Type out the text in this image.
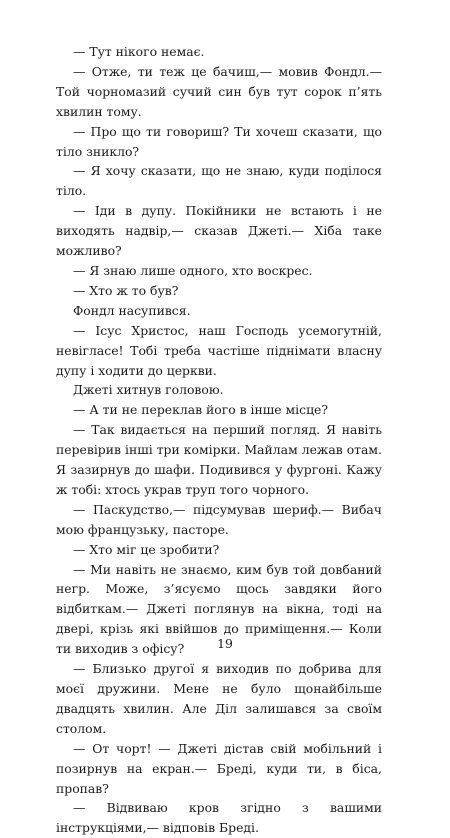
— Тут нікого немає.

— Отже, ти теж це бачиш,— мовив Фондл.— Той чорномазий сучий син був тут сорок п’ять хвилин тому.

— Про що ти говориш? Ти хочеш сказати, що тіло зникло?

— Я хочу сказати, що не знаю, куди поділося тіло.

— Іди в дупу. Покійники не встають і не виходять надвір,— сказав Джеті.— Хіба таке можливо?

— Я знаю лише одного, хто воскрес.

— Хто ж то був?

Фондл насупився.

— Ісус Христос, наш Господь усемогутній, невігласе! Тобі треба частіше піднімати власну дупу і ходити до церкви.

Джеті хитнув головою.

— А ти не переклав його в інше місце?

— Так видається на перший погляд. Я навіть перевірив інші три комірки. Майлам лежав отам. Я зазирнув до шафи. Подивився у фургоні. Кажу ж тобі: хтось украв труп того чорного.

— Паскудство,— підсумував шериф.— Вибач мою французьку, пасторе.

— Хто міг це зробити?

— Ми навіть не знаємо, ким був той довбаний негр. Може, з’ясуємо щось завдяки його відбиткам.— Джеті поглянув на вікна, тоді на двері, крізь які ввійшов до приміщення.— Коли ти виходив з офісу?

— Близько другої я виходив по добрива для моєї дружини. Мене не було щонайбільше двадцять хвилин. Але Діл залишався за своїм столом.

— От чорт! — Джеті дістав свій мобільний і позирнув на екран.— Бреді, куди ти, в біса, пропав?

— Відвиваю кров згідно з вашими інструкціями,— відповів Бреді.

19
